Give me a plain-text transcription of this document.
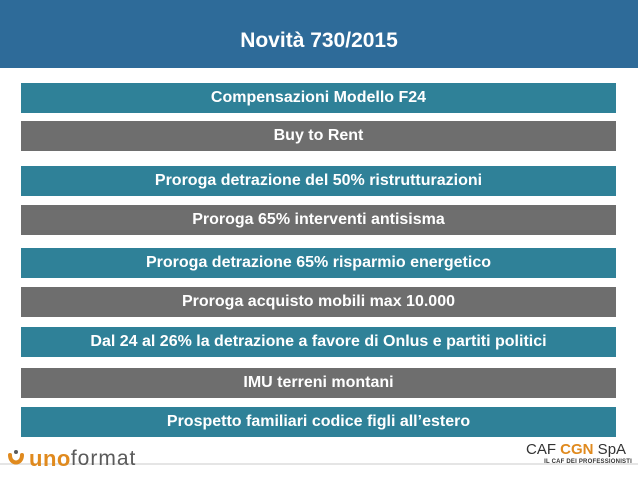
Novità 730/2015
Compensazioni Modello F24
Buy to Rent
Proroga detrazione del 50% ristrutturazioni
Proroga 65% interventi antisisma
Proroga detrazione 65% risparmio energetico
Proroga acquisto mobili max 10.000
Dal 24 al 26% la detrazione a favore di Onlus e partiti politici
IMU terreni montani
Prospetto familiari codice figli all’estero
uno format	CAF CGN SpA
IL CAF DEI PROFESSIONISTI
